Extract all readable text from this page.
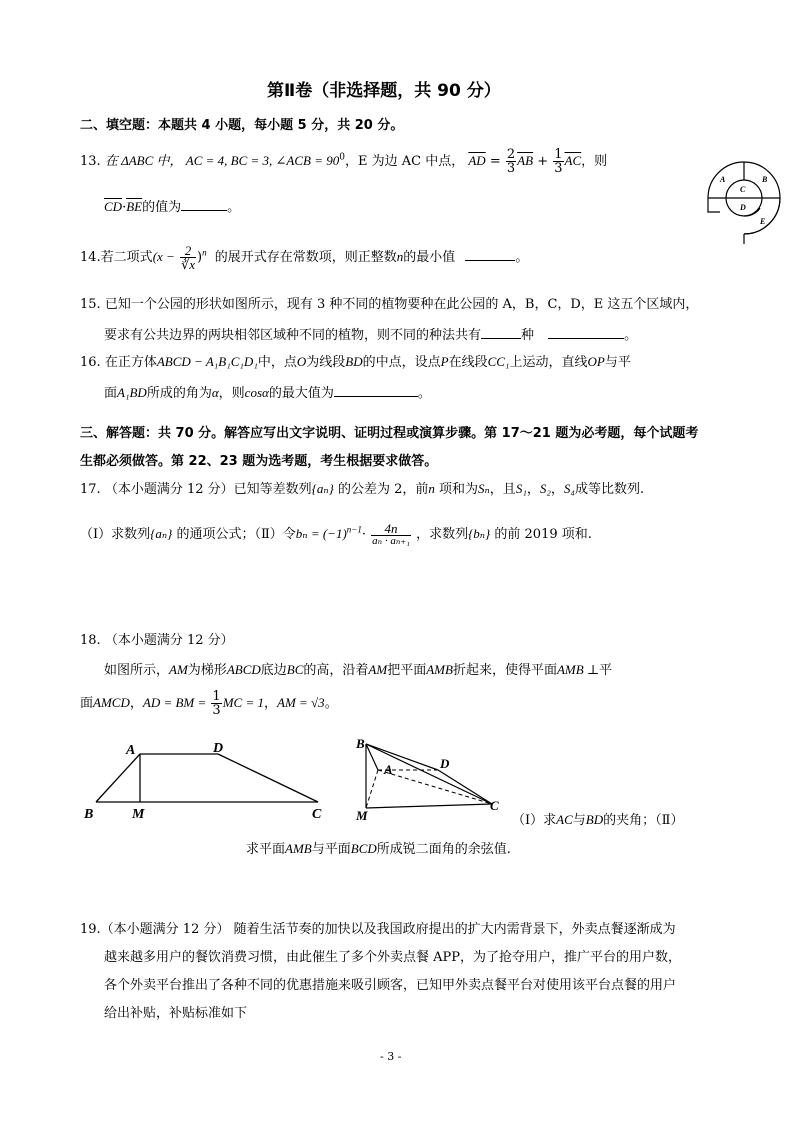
第Ⅱ卷（非选择题，共 90 分）
二、填空题：本题共 4 小题，每小题 5 分，共 20 分。
13. 在 ΔABC 中， AC = 4, BC = 3, ∠ACB = $90^0$，E 为边 AC 中点， $\overline{AD} = \frac{2}{3} \overline{AB} + \frac{1}{3} \overline{AC}$，则
$\overline{CD}\cdot\overline{BE}$的值为	。
A	B
C
D
E
14.若二项式$(x - \frac{2}{∛x} )^n$ 的展开式存在常数项，则正整数n的最小值	。
15. 已知一个公园的形状如图所示，现有 3 种不同的植物要种在此公园的 A，B，C，D，E 这五个区域内，
要求有公共边界的两块相邻区域种不同的植物，则不同的种法共有	种	。
16. 在正方体ABCD − A₁B₁C₁D₁中，点O为线段BD的中点，设点P在线段CC₁上运动，直线OP与平
面A₁BD所成的角为α，则cosα的最大值为	。
三、解答题：共 70 分。解答应写出文字说明、证明过程或演算步骤。第 17～21 题为必考题，每个试题考
生都必须做答。第 22、23 题为选考题，考生根据要求做答。
17. （本小题满分 12 分）已知等差数列{aₙ} 的公差为 2，前n 项和为Sₙ，且S₁，S₂，S₄成等比数列.
（Ⅰ）求数列{aₙ} 的通项公式；（Ⅱ）令$b_n = (-1)^{n-1}\cdot \frac{4n}{\text{aₙ · aₙ₊₁}}$ ，求数列{bₙ} 的前 2019 项和.
18. （本小题满分 12 分）
如图所示，AM为梯形ABCD底边BC的高，沿着AM把平面AMB折起来，使得平面AMB ⊥平
面AMCD，AD = BM = $\frac{1}{3}$ MC = 1，AM = √3。
A	D
B	M	C
B
A	D
M
C
（Ⅰ）求AC与BD的夹角；（Ⅱ）
求平面AMB与平面BCD所成锐二面角的余弦值.
19.（本小题满分 12 分） 随着生活节奏的加快以及我国政府提出的扩大内需背景下，外卖点餐逐渐成为
越来越多用户的餐饮消费习惯，由此催生了多个外卖点餐 APP，为了抢夺用户，推广平台的用户数，
各个外卖平台推出了各种不同的优惠措施来吸引顾客，已知甲外卖点餐平台对使用该平台点餐的用户
给出补贴，补贴标准如下
- 3 -
